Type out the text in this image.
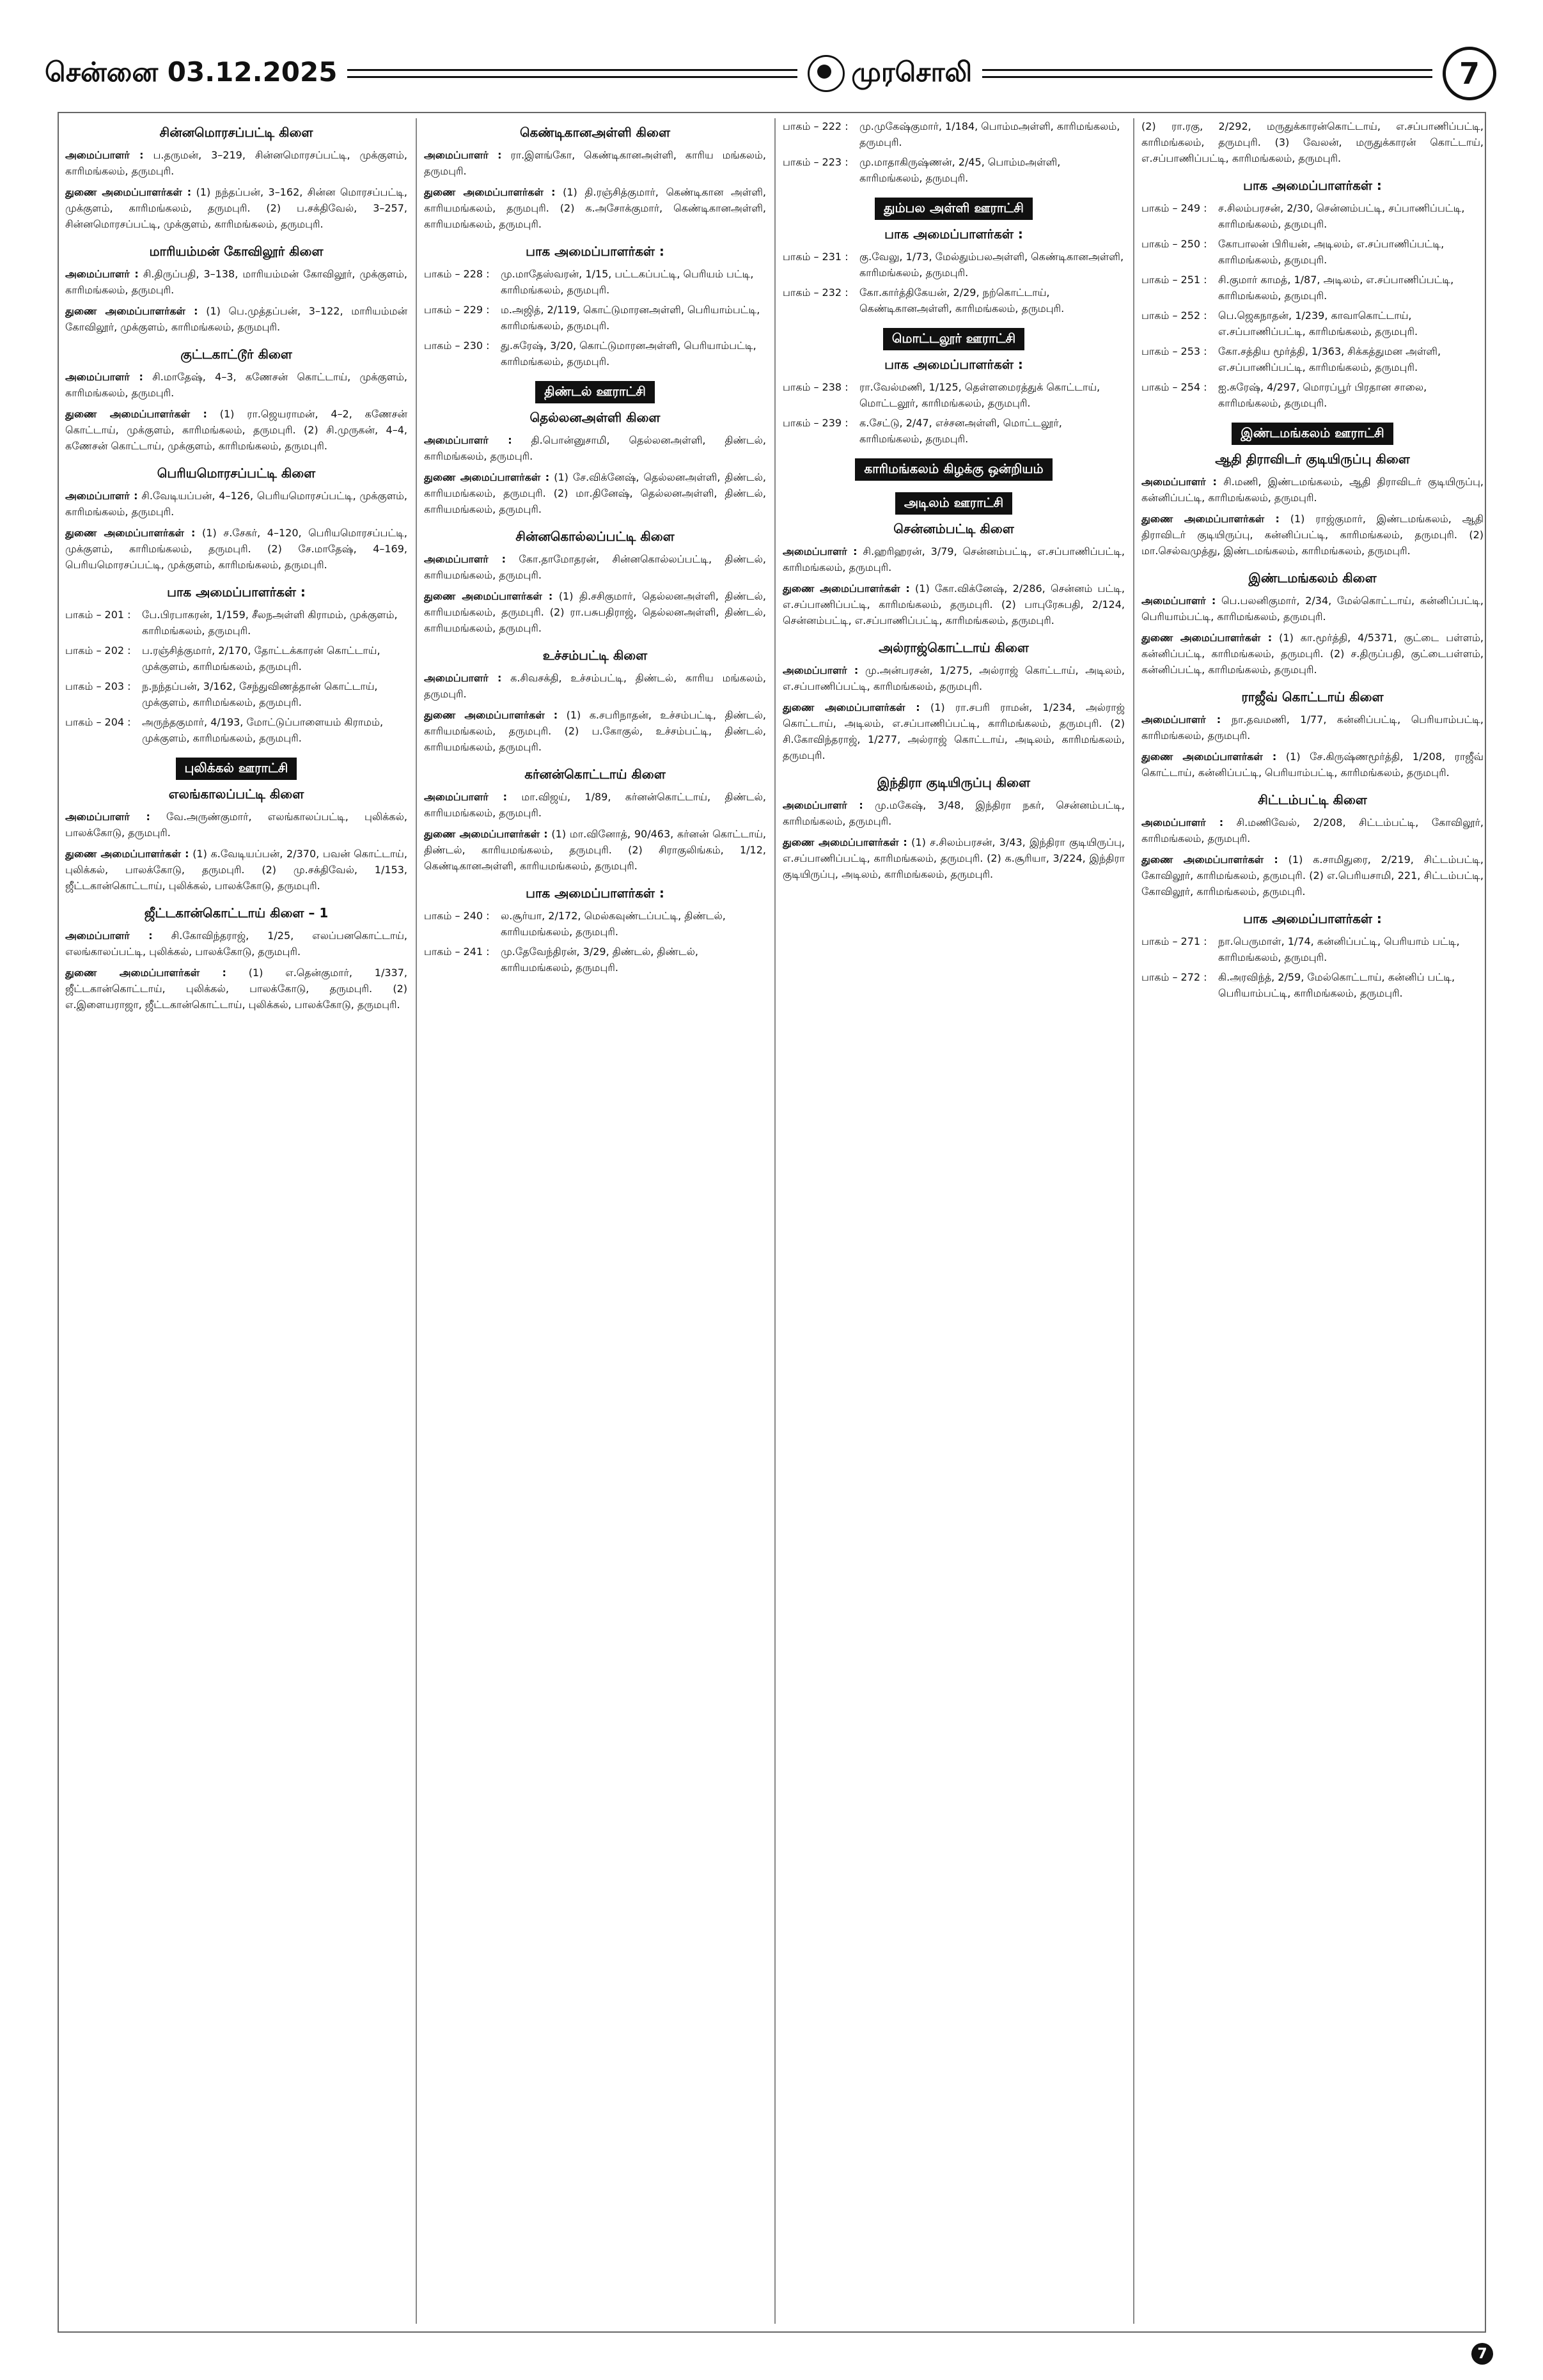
சென்னை 03.12.2025	முரசொலி	7
சின்னமொரசப்பட்டி கிளை
அமைப்பாளர் : ப.தருமன், 3–219, சின்னமொரசப்பட்டி, முக்குளம், காரிமங்கலம், தருமபுரி.
துணை அமைப்பாளர்கள் : (1) நந்தப்பன், 3–162, சின்ன மொரசப்பட்டி, முக்குளம், காரிமங்கலம், தருமபுரி. (2) ப.சக்திவேல், 3–257, சின்னமொரசப்பட்டி, முக்குளம், காரிமங்கலம், தருமபுரி.
மாரியம்மன் கோவிலூர் கிளை
அமைப்பாளர் : சி.திருப்பதி, 3–138, மாரியம்மன் கோவிலூர், முக்குளம், காரிமங்கலம், தருமபுரி.
துணை அமைப்பாளர்கள் : (1) பெ.முத்தப்பன், 3–122, மாரியம்மன் கோவிலூர், முக்குளம், காரிமங்கலம், தருமபுரி.
குட்டகாட்டூர் கிளை
அமைப்பாளர் : சி.மாதேஷ், 4–3, கணேசன் கொட்டாய், முக்குளம், காரிமங்கலம், தருமபுரி.
துணை அமைப்பாளர்கள் : (1) ரா.ஜெயராமன், 4–2, கணேசன் கொட்டாய், முக்குளம், காரிமங்கலம், தருமபுரி. (2) சி.முருகன், 4–4, கணேசன் கொட்டாய், முக்குளம், காரிமங்கலம், தருமபுரி.
பெரியமொரசப்பட்டி கிளை
அமைப்பாளர் : சி.வேடியப்பன், 4–126, பெரியமொரசப்பட்டி, முக்குளம், காரிமங்கலம், தருமபுரி.
துணை அமைப்பாளர்கள் : (1) ச.சேகர், 4–120, பெரியமொரசப்பட்டி, முக்குளம், காரிமங்கலம், தருமபுரி. (2) சே.மாதேஷ், 4–169, பெரியமொரசப்பட்டி, முக்குளம், காரிமங்கலம், தருமபுரி.
பாக அமைப்பாளர்கள் :
பாகம் – 201 :	பே.பிரபாகரன், 1/159, சீலநஅள்ளி கிராமம், முக்குளம், காரிமங்கலம், தருமபுரி.
பாகம் – 202 :	ப.ரஞ்சித்குமார், 2/170, தோட்டக்காரன் கொட்டாய், முக்குளம், காரிமங்கலம், தருமபுரி.
பாகம் – 203 :	ந.நந்தப்பன், 3/162, சேந்துவிணத்தான் கொட்டாய், முக்குளம், காரிமங்கலம், தருமபுரி.
பாகம் – 204 :	அருந்தகுமார், 4/193, மோட்டுப்பாளையம் கிராமம், முக்குளம், காரிமங்கலம், தருமபுரி.
புலிக்கல் ஊராட்சி
எலங்காலப்பட்டி கிளை
அமைப்பாளர் : வே.அருண்குமார், எலங்காலப்பட்டி, புலிக்கல், பாலக்கோடு, தருமபுரி.
துணை அமைப்பாளர்கள் : (1) க.வேடியப்பன், 2/370, பவன் கொட்டாய், புலிக்கல், பாலக்கோடு, தருமபுரி. (2) மு.சக்திவேல், 1/153, ஜீட்டகான்கொட்டாய், புலிக்கல், பாலக்கோடு, தருமபுரி.
ஜீட்டகான்கொட்டாய் கிளை – 1
அமைப்பாளர் : சி.கோவிந்தராஜ், 1/25, எலப்பனகொட்டாய், எலங்காலப்பட்டி, புலிக்கல், பாலக்கோடு, தருமபுரி.
துணை அமைப்பாளர்கள் : (1) எ.தென்குமார், 1/337, ஜீட்டகான்கொட்டாய், புலிக்கல், பாலக்கோடு, தருமபுரி. (2) எ.இளையராஜா, ஜீட்டகான்கொட்டாய், புலிக்கல், பாலக்கோடு, தருமபுரி.
கெண்டிகானஅள்ளி கிளை
அமைப்பாளர் : ரா.இளங்கோ, கெண்டிகானஅள்ளி, காரிய மங்கலம், தருமபுரி.
துணை அமைப்பாளர்கள் : (1) தி.ரஞ்சித்குமார், கெண்டிகான அள்ளி, காரியமங்கலம், தருமபுரி. (2) க.அசோக்குமார், கெண்டிகானஅள்ளி, காரியமங்கலம், தருமபுரி.
பாக அமைப்பாளர்கள் :
பாகம் – 228 :	மு.மாதேஸ்வரன், 1/15, பட்டகப்பட்டி, பெரியம் பட்டி, காரிமங்கலம், தருமபுரி.
பாகம் – 229 :	ம.அஜித், 2/119, கொட்டுமாரனஅள்ளி, பெரியாம்பட்டி, காரிமங்கலம், தருமபுரி.
பாகம் – 230 :	து.சுரேஷ், 3/20, கொட்டுமாரனஅள்ளி, பெரியாம்பட்டி, காரிமங்கலம், தருமபுரி.
திண்டல் ஊராட்சி
தெல்லனஅள்ளி கிளை
அமைப்பாளர் : தி.பொன்னுசாமி, தெல்லனஅள்ளி, திண்டல், காரிமங்கலம், தருமபுரி.
துணை அமைப்பாளர்கள் : (1) சே.விக்னேஷ், தெல்லனஅள்ளி, திண்டல், காரியமங்கலம், தருமபுரி. (2) மா.தினேஷ், தெல்லனஅள்ளி, திண்டல், காரியமங்கலம், தருமபுரி.
சின்னகொல்லப்பட்டி கிளை
அமைப்பாளர் : கோ.தாமோதரன், சின்னகொல்லப்பட்டி, திண்டல், காரியமங்கலம், தருமபுரி.
துணை அமைப்பாளர்கள் : (1) தி.சசிகுமார், தெல்லனஅள்ளி, திண்டல், காரியமங்கலம், தருமபுரி. (2) ரா.பசுபதிராஜ், தெல்லனஅள்ளி, திண்டல், காரியமங்கலம், தருமபுரி.
உச்சம்பட்டி கிளை
அமைப்பாளர் : க.சிவசக்தி, உச்சம்பட்டி, திண்டல், காரிய மங்கலம், தருமபுரி.
துணை அமைப்பாளர்கள் : (1) க.சபரிநாதன், உச்சம்பட்டி, திண்டல், காரியமங்கலம், தருமபுரி. (2) ப.கோகுல், உச்சம்பட்டி, திண்டல், காரியமங்கலம், தருமபுரி.
கர்னன்கொட்டாய் கிளை
அமைப்பாளர் : மா.விஜய், 1/89, கர்னன்கொட்டாய், திண்டல், காரியமங்கலம், தருமபுரி.
துணை அமைப்பாளர்கள் : (1) மா.வினோத், 90/463, கர்னன் கொட்டாய், திண்டல், காரியமங்கலம், தருமபுரி. (2) சிராகுலிங்கம், 1/12, கெண்டிகானஅள்ளி, காரியமங்கலம், தருமபுரி.
பாக அமைப்பாளர்கள் :
பாகம் – 240 :	ல.சூர்யா, 2/172, மெல்கவுண்டப்பட்டி, திண்டல், காரியமங்கலம், தருமபுரி.
பாகம் – 241 :	மு.தேவேந்திரன், 3/29, திண்டல், திண்டல், காரியமங்கலம், தருமபுரி.
பாகம் – 222 :	மு.முகேஷ்குமார், 1/184, பொம்மஅள்ளி, காரிமங்கலம், தருமபுரி.
பாகம் – 223 :	மு.மாதாகிருஷ்ணன், 2/45, பொம்மஅள்ளி, காரிமங்கலம், தருமபுரி.
தும்பல அள்ளி ஊராட்சி
பாக அமைப்பாளர்கள் :
பாகம் – 231 :	கு.வேலு, 1/73, மேல்தும்பலஅள்ளி, கெண்டிகானஅள்ளி, காரிமங்கலம், தருமபுரி.
பாகம் – 232 :	கோ.கார்த்திகேயன், 2/29, நற்கொட்டாய், கெண்டிகானஅள்ளி, காரிமங்கலம், தருமபுரி.
மொட்டலூர் ஊராட்சி
பாக அமைப்பாளர்கள் :
பாகம் – 238 :	ரா.வேல்மணி, 1/125, தெள்ளமைரத்துக் கொட்டாய், மொட்டலூர், காரிமங்கலம், தருமபுரி.
பாகம் – 239 :	க.சேட்டு, 2/47, எச்சனஅள்ளி, மொட்டலூர், காரிமங்கலம், தருமபுரி.
காரிமங்கலம் கிழக்கு ஒன்றியம்
அடிலம் ஊராட்சி
சென்னம்பட்டி கிளை
அமைப்பாளர் : சி.ஹரிஹரன், 3/79, சென்னம்பட்டி, எ.சப்பாணிப்பட்டி, காரிமங்கலம், தருமபுரி.
துணை அமைப்பாளர்கள் : (1) கோ.விக்னேஷ், 2/286, சென்னம் பட்டி, எ.சப்பாணிப்பட்டி, காரிமங்கலம், தருமபுரி. (2) பாபுரேசுபதி, 2/124, சென்னம்பட்டி, எ.சப்பாணிப்பட்டி, காரிமங்கலம், தருமபுரி.
அல்ராஜ்கொட்டாய் கிளை
அமைப்பாளர் : மு.அன்பரசன், 1/275, அல்ராஜ் கொட்டாய், அடிலம், எ.சப்பாணிப்பட்டி, காரிமங்கலம், தருமபுரி.
துணை அமைப்பாளர்கள் : (1) ரா.சபரி ராமன், 1/234, அல்ராஜ் கொட்டாய், அடிலம், எ.சப்பாணிப்பட்டி, காரிமங்கலம், தருமபுரி. (2) சி.கோவிந்தராஜ், 1/277, அல்ராஜ் கொட்டாய், அடிலம், காரிமங்கலம், தருமபுரி.
இந்திரா குடியிருப்பு கிளை
அமைப்பாளர் : மு.மகேஷ், 3/48, இந்திரா நகர், சென்னம்பட்டி, காரிமங்கலம், தருமபுரி.
துணை அமைப்பாளர்கள் : (1) ச.சிலம்பரசன், 3/43, இந்திரா குடியிருப்பு, எ.சப்பாணிப்பட்டி, காரிமங்கலம், தருமபுரி. (2) க.சூரியா, 3/224, இந்திரா குடியிருப்பு, அடிலம், காரிமங்கலம், தருமபுரி.
(2) ரா.ரகு, 2/292, மருதுக்காரன்கொட்டாய், எ.சப்பாணிப்பட்டி, காரிமங்கலம், தருமபுரி. (3) வேலன், மருதுக்காரன் கொட்டாய், எ.சப்பாணிப்பட்டி, காரிமங்கலம், தருமபுரி.
பாக அமைப்பாளர்கள் :
பாகம் – 249 :	ச.சிலம்பரசன், 2/30, சென்னம்பட்டி, சப்பாணிப்பட்டி, காரிமங்கலம், தருமபுரி.
பாகம் – 250 :	கோபாலன் பிரியன், அடிலம், எ.சப்பாணிப்பட்டி, காரிமங்கலம், தருமபுரி.
பாகம் – 251 :	சி.குமார் காமத், 1/87, அடிலம், எ.சப்பாணிப்பட்டி, காரிமங்கலம், தருமபுரி.
பாகம் – 252 :	பெ.ஜெகநாதன், 1/239, காவாகொட்டாய், எ.சப்பாணிப்பட்டி, காரிமங்கலம், தருமபுரி.
பாகம் – 253 :	கோ.சத்திய மூர்த்தி, 1/363, சிக்கத்துமன அள்ளி, எ.சப்பாணிப்பட்டி, காரிமங்கலம், தருமபுரி.
பாகம் – 254 :	ஐ.சுரேஷ், 4/297, மொரப்பூர் பிரதான சாலை, காரிமங்கலம், தருமபுரி.
இண்டமங்கலம் ஊராட்சி
ஆதி திராவிடர் குடியிருப்பு கிளை
அமைப்பாளர் : சி.மணி, இண்டமங்கலம், ஆதி திராவிடர் குடியிருப்பு, கன்னிப்பட்டி, காரிமங்கலம், தருமபுரி.
துணை அமைப்பாளர்கள் : (1) ராஜ்குமார், இண்டமங்கலம், ஆதி திராவிடர் குடியிருப்பு, கன்னிப்பட்டி, காரிமங்கலம், தருமபுரி. (2) மா.செல்வமுத்து, இண்டமங்கலம், காரிமங்கலம், தருமபுரி.
இண்டமங்கலம் கிளை
அமைப்பாளர் : பெ.பலனிகுமார், 2/34, மேல்கொட்டாய், கன்னிப்பட்டி, பெரியாம்பட்டி, காரிமங்கலம், தருமபுரி.
துணை அமைப்பாளர்கள் : (1) கா.மூர்த்தி, 4/5371, குட்டை பள்ளம், கன்னிப்பட்டி, காரிமங்கலம், தருமபுரி. (2) ச.திருப்பதி, குட்டைபள்ளம், கன்னிப்பட்டி, காரிமங்கலம், தருமபுரி.
ராஜீவ் கொட்டாய் கிளை
அமைப்பாளர் : நா.தவமணி, 1/77, கன்னிப்பட்டி, பெரியாம்பட்டி, காரிமங்கலம், தருமபுரி.
துணை அமைப்பாளர்கள் : (1) சே.கிருஷ்ணமூர்த்தி, 1/208, ராஜீவ் கொட்டாய், கன்னிப்பட்டி, பெரியாம்பட்டி, காரிமங்கலம், தருமபுரி.
சிட்டம்பட்டி கிளை
அமைப்பாளர் : சி.மணிவேல், 2/208, சிட்டம்பட்டி, கோவிலூர், காரிமங்கலம், தருமபுரி.
துணை அமைப்பாளர்கள் : (1) க.சாமிதுரை, 2/219, சிட்டம்பட்டி, கோவிலூர், காரிமங்கலம், தருமபுரி. (2) எ.பெரியசாமி, 221, சிட்டம்பட்டி, கோவிலூர், காரிமங்கலம், தருமபுரி.
பாக அமைப்பாளர்கள் :
பாகம் – 271 :	நா.பெருமாள், 1/74, கன்னிப்பட்டி, பெரியாம் பட்டி, காரிமங்கலம், தருமபுரி.
பாகம் – 272 :	கி.அரவிந்த், 2/59, மேல்கொட்டாய், கன்னிப் பட்டி, பெரியாம்பட்டி, காரிமங்கலம், தருமபுரி.
7
